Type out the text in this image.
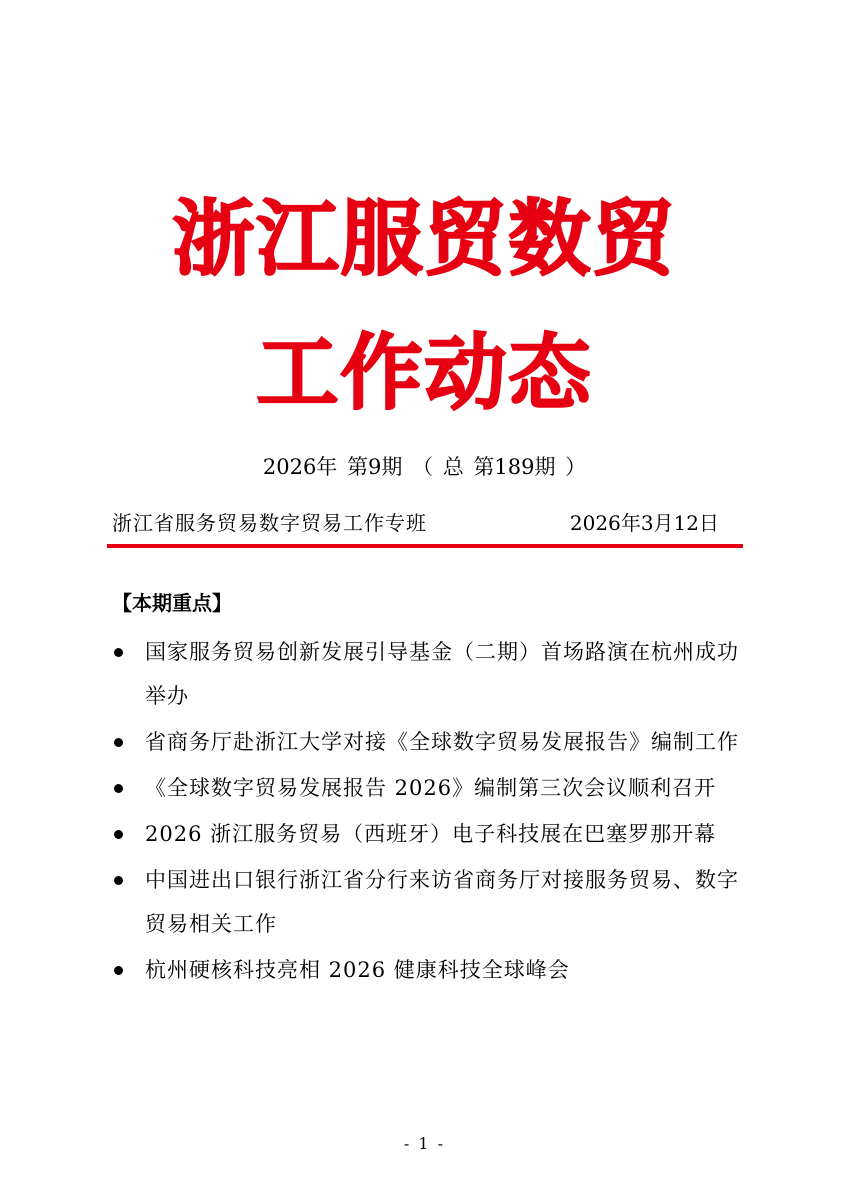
浙江服贸数贸
工作动态
2026年 第9期 （ 总 第189期 ）
浙江省服务贸易数字贸易工作专班	2026年3月12日
【本期重点】
国家服务贸易创新发展引导基金（二期）首场路演在杭州成功举办
省商务厅赴浙江大学对接《全球数字贸易发展报告》编制工作
《全球数字贸易发展报告 2026》编制第三次会议顺利召开
2026 浙江服务贸易（西班牙）电子科技展在巴塞罗那开幕
中国进出口银行浙江省分行来访省商务厅对接服务贸易、数字贸易相关工作
杭州硬核科技亮相 2026 健康科技全球峰会
- 1 -
